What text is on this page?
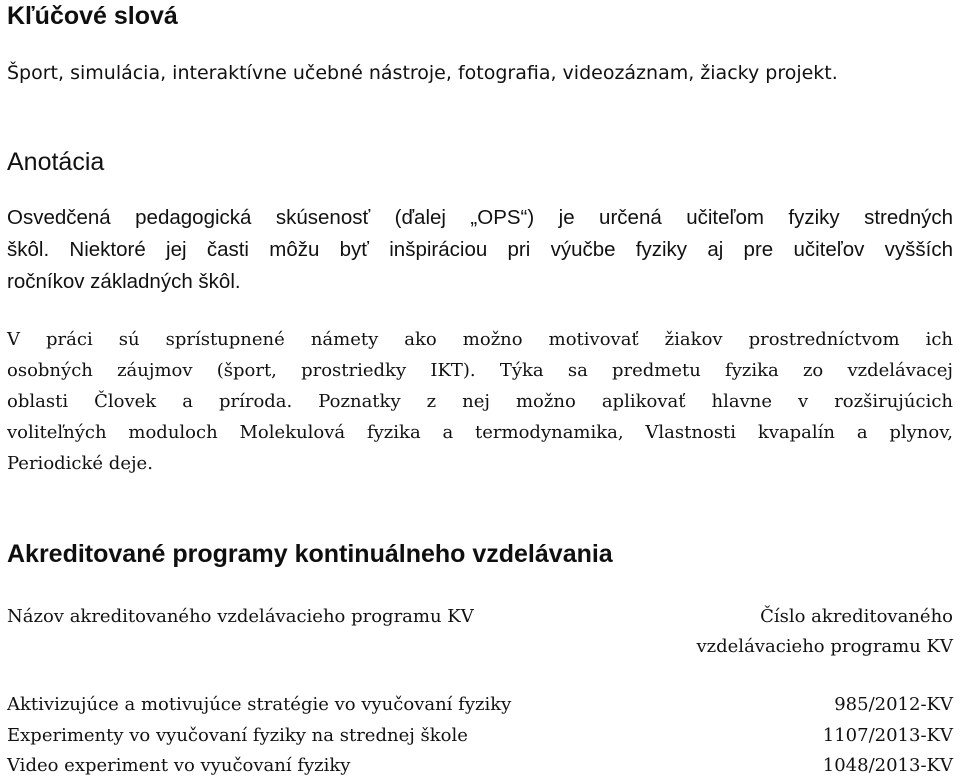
Kľúčové slová
Šport, simulácia, interaktívne učebné nástroje, fotografia, videozáznam, žiacky projekt.
Anotácia
Osvedčená pedagogická skúsenosť (ďalej „OPS“) je určená učiteľom fyziky stredných
škôl. Niektoré jej časti môžu byť inšpiráciou pri výučbe fyziky aj pre učiteľov vyšších
ročníkov základných škôl.
V práci sú sprístupnené námety ako možno motivovať žiakov prostredníctvom ich
osobných záujmov (šport, prostriedky IKT). Týka sa predmetu fyzika zo vzdelávacej
oblasti Človek a príroda. Poznatky z nej možno aplikovať hlavne v rozširujúcich
voliteľných moduloch Molekulová fyzika a termodynamika, Vlastnosti kvapalín a plynov,
Periodické deje.
Akreditované programy kontinuálneho vzdelávania
Názov akreditovaného vzdelávacieho programu KV	Číslo akreditovaného
vzdelávacieho programu KV
Aktivizujúce a motivujúce stratégie vo vyučovaní fyziky	985/2012-KV
Experimenty vo vyučovaní fyziky na strednej škole	1107/2013-KV
Video experiment vo vyučovaní fyziky	1048/2013-KV
